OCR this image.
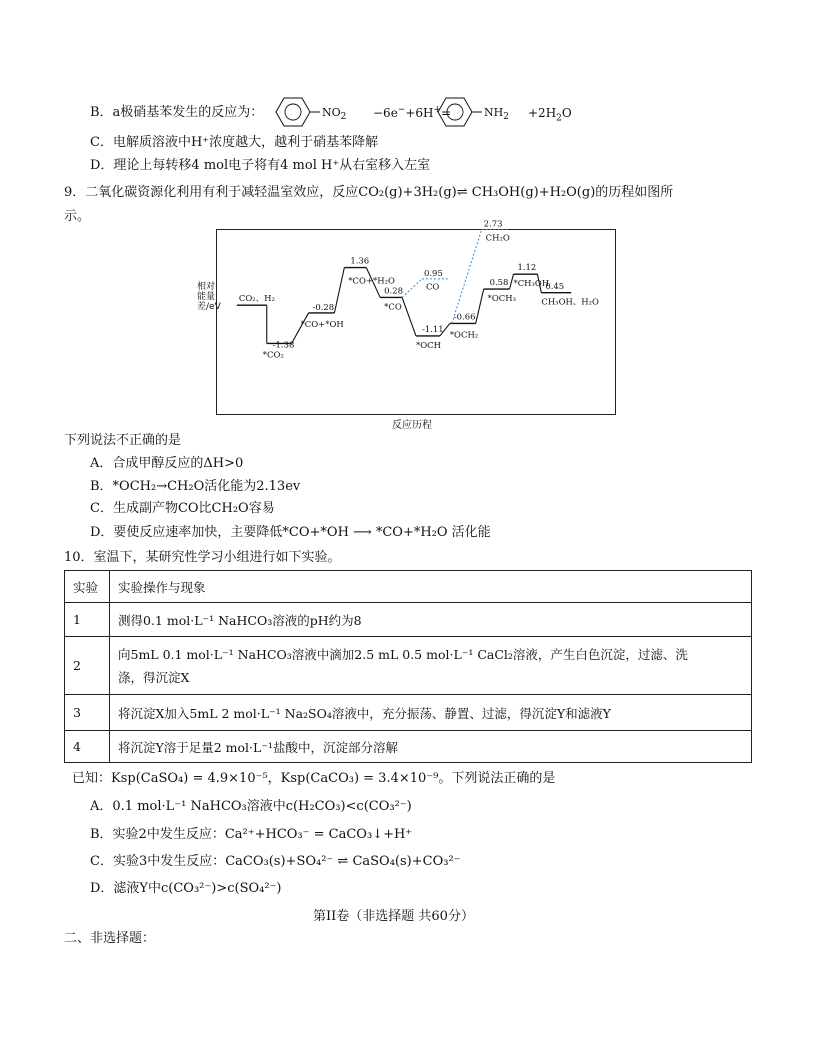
B．a极硝基苯发生的反应为：	$NO_2 -6e^-+6H^+=$	$NH_2 +2H_2O$
C．电解质溶液中H⁺浓度越大，越利于硝基苯降解
D．理论上每转移4 mol电子将有4 mol H⁺从右室移入左室
9．二氧化碳资源化利用有利于减轻温室效应，反应CO₂(g)+3H₂(g)⇌ CH₃OH(g)+H₂O(g)的历程如图所
示。
相对能量差/eV
CO₂、H₂
*CO₂
*CO+*OH
*CO+*H₂O
*CO
*OCH
*OCH₂
*OCH₃
*CH₃OH
CH₃OH、H₂O
-1.38
-0.28
1.36
0.28
-1.11
-0.66
0.58
1.12
0.45
0.95
CO
2.73
CH₂O
反应历程
下列说法不正确的是
A．合成甲醇反应的ΔH>0
B．*OCH₂→CH₂O活化能为2.13ev
C．生成副产物CO比CH₂O容易
D．要使反应速率加快，主要降低*CO+*OH ⟶ *CO+*H₂O 活化能
10．室温下，某研究性学习小组进行如下实验。
实验	实验操作与现象
1	测得0.1 mol·L⁻¹ NaHCO₃溶液的pH约为8
2	向5mL 0.1 mol·L⁻¹ NaHCO₃溶液中滴加2.5 mL 0.5 mol·L⁻¹ CaCl₂溶液，产生白色沉淀，过滤、洗
涤，得沉淀X

3	将沉淀X加入5mL 2 mol·L⁻¹ Na₂SO₄溶液中，充分振荡、静置、过滤，得沉淀Y和滤液Y
4	将沉淀Y溶于足量2 mol·L⁻¹盐酸中，沉淀部分溶解
已知：Ksp(CaSO₄) = 4.9×10⁻⁵，Ksp(CaCO₃) = 3.4×10⁻⁹。下列说法正确的是
A．0.1 mol·L⁻¹ NaHCO₃溶液中c(H₂CO₃)<c(CO₃²⁻)
B．实验2中发生反应：Ca²⁺+HCO₃⁻ = CaCO₃↓+H⁺
C．实验3中发生反应：CaCO₃(s)+SO₄²⁻ ⇌ CaSO₄(s)+CO₃²⁻
D．滤液Y中c(CO₃²⁻)>c(SO₄²⁻)
第II卷（非选择题 共60分）
二、非选择题：
